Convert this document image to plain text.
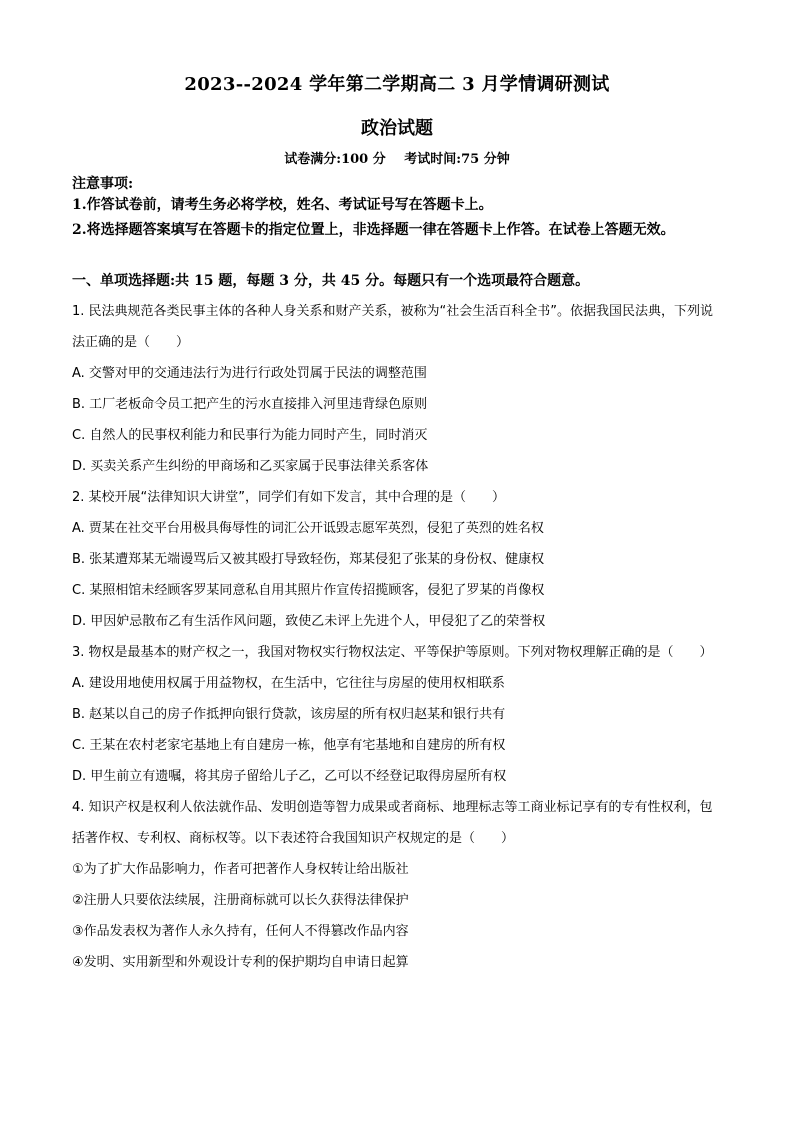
2023--2024 学年第二学期高二 3 月学情调研测试
政治试题
试卷满分:100 分 考试时间:75 分钟
注意事项:
1.作答试卷前，请考生务必将学校，姓名、考试证号写在答题卡上。
2.将选择题答案填写在答题卡的指定位置上，非选择题一律在答题卡上作答。在试卷上答题无效。
一、单项选择题:共 15 题，每题 3 分，共 45 分。每题只有一个选项最符合题意。

1. 民法典规范各类民事主体的各种人身关系和财产关系，被称为“社会生活百科全书”。依据我国民法典，下列说法正确的是（　　）

A. 交警对甲的交通违法行为进行行政处罚属于民法的调整范围

B. 工厂老板命令员工把产生的污水直接排入河里违背绿色原则

C. 自然人的民事权利能力和民事行为能力同时产生，同时消灭

D. 买卖关系产生纠纷的甲商场和乙买家属于民事法律关系客体

2. 某校开展“法律知识大讲堂”，同学们有如下发言，其中合理的是（　　）

A. 贾某在社交平台用极具侮辱性的词汇公开诋毁志愿军英烈，侵犯了英烈的姓名权

B. 张某遭郑某无端谩骂后又被其殴打导致轻伤，郑某侵犯了张某的身份权、健康权

C. 某照相馆未经顾客罗某同意私自用其照片作宣传招揽顾客，侵犯了罗某的肖像权

D. 甲因妒忌散布乙有生活作风问题，致使乙未评上先进个人，甲侵犯了乙的荣誉权

3. 物权是最基本的财产权之一，我国对物权实行物权法定、平等保护等原则。下列对物权理解正确的是（　　）

A. 建设用地使用权属于用益物权，在生活中，它往往与房屋的使用权相联系

B. 赵某以自己的房子作抵押向银行贷款，该房屋的所有权归赵某和银行共有

C. 王某在农村老家宅基地上有自建房一栋，他享有宅基地和自建房的所有权

D. 甲生前立有遗嘱，将其房子留给儿子乙，乙可以不经登记取得房屋所有权

4. 知识产权是权利人依法就作品、发明创造等智力成果或者商标、地理标志等工商业标记享有的专有性权利，包括著作权、专利权、商标权等。以下表述符合我国知识产权规定的是（　　）

①为了扩大作品影响力，作者可把著作人身权转让给出版社

②注册人只要依法续展，注册商标就可以长久获得法律保护

③作品发表权为著作人永久持有，任何人不得篡改作品内容

④发明、实用新型和外观设计专利的保护期均自申请日起算
